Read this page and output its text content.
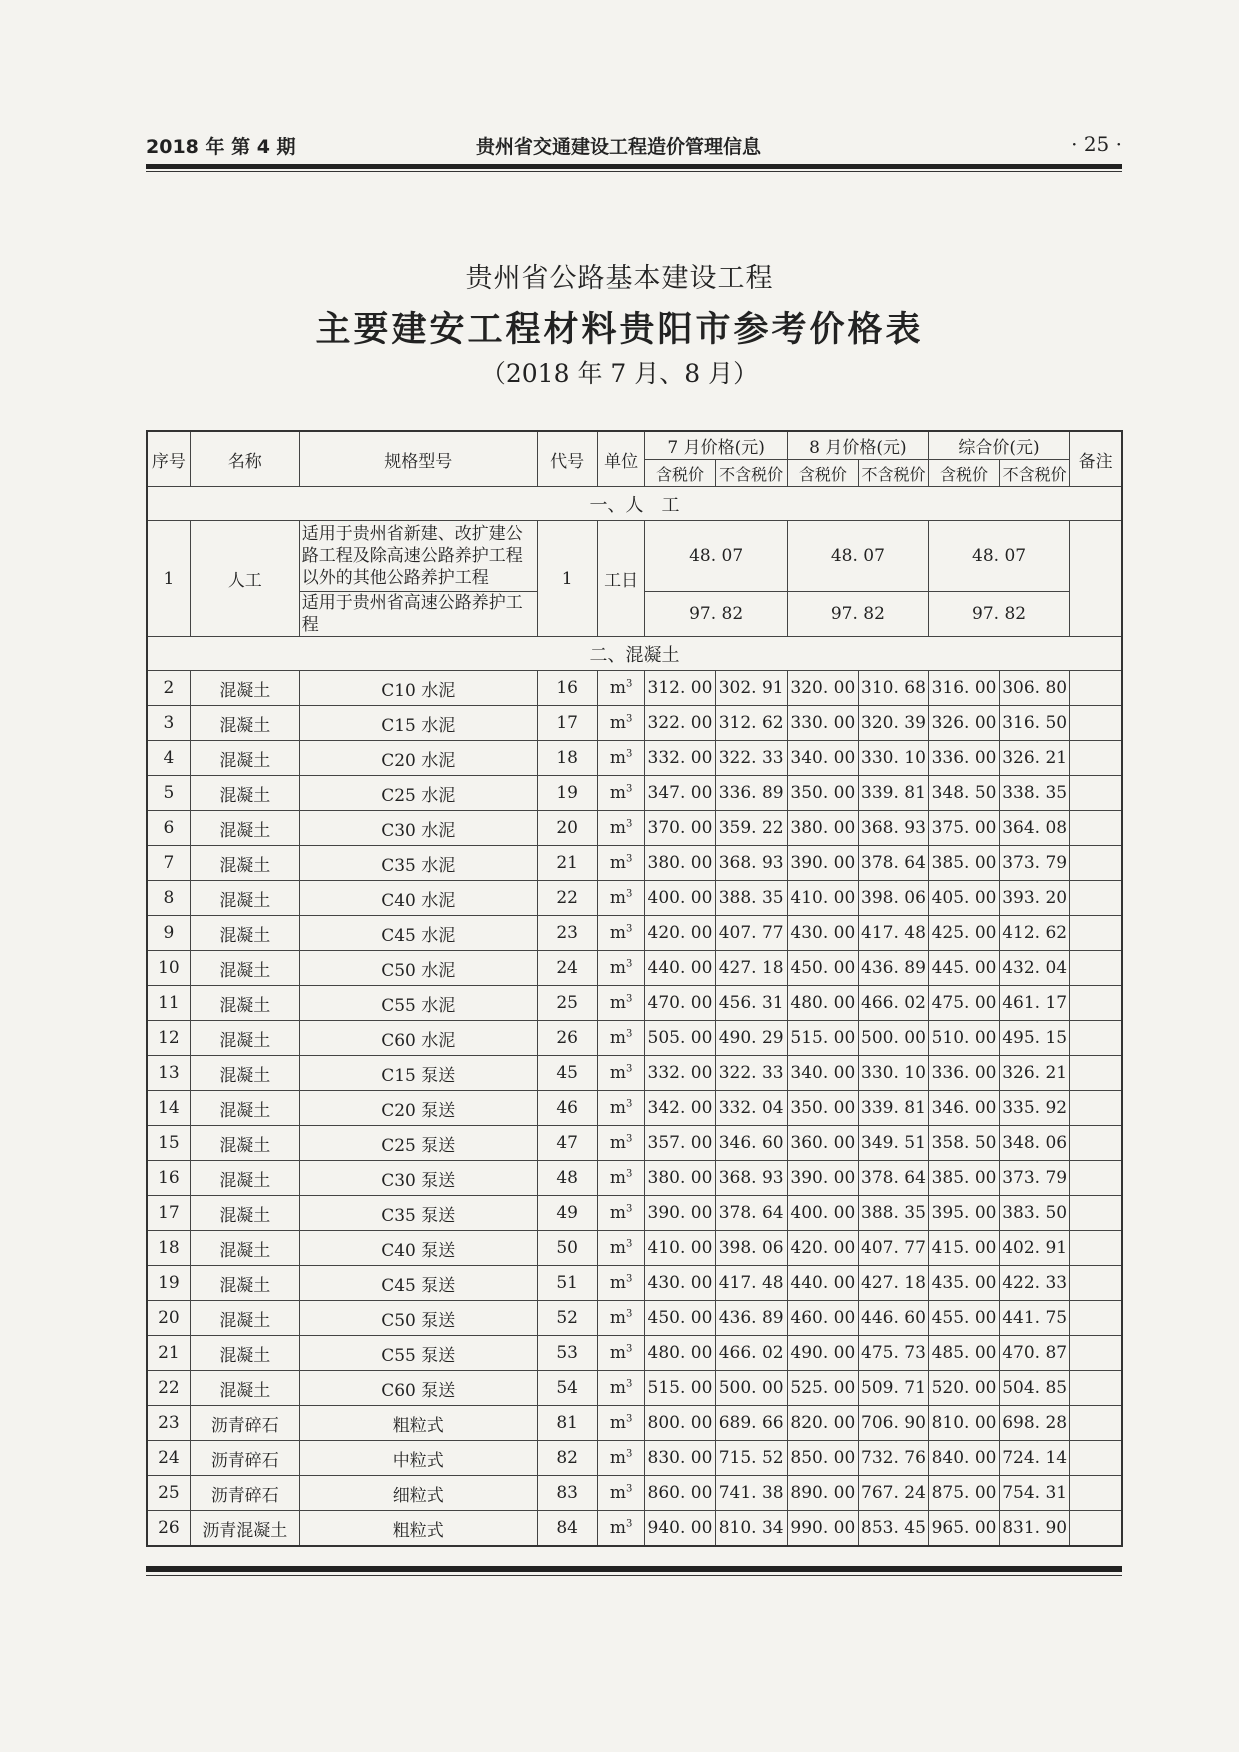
2018 年 第 4 期	贵州省交通建设工程造价管理信息	· 25 ·
贵州省公路基本建设工程
主要建安工程材料贵阳市参考价格表
（2018 年 7 月、8 月）
序号	名称	规格型号	代号	单位	7 月价格(元)		8 月价格(元)		综合价(元)		备注
					含税价	不含税价	含税价	不含税价	含税价	不含税价	
一、人　工											
1	人工	适用于贵州省新建、改扩建公路工程及除高速公路养护工程以外的其他公路养护工程	1	工日	48. 07		48. 07		48. 07		
		适用于贵州省高速公路养护工程			97. 82		97. 82		97. 82		
二、混凝土											
2	混凝土	C10 水泥	16	$m^3$	312. 00	302. 91	320. 00	310. 68	316. 00	306. 80	
3	混凝土	C15 水泥	17	$m^3$	322. 00	312. 62	330. 00	320. 39	326. 00	316. 50	
4	混凝土	C20 水泥	18	$m^3$	332. 00	322. 33	340. 00	330. 10	336. 00	326. 21	
5	混凝土	C25 水泥	19	$m^3$	347. 00	336. 89	350. 00	339. 81	348. 50	338. 35	
6	混凝土	C30 水泥	20	$m^3$	370. 00	359. 22	380. 00	368. 93	375. 00	364. 08	
7	混凝土	C35 水泥	21	$m^3$	380. 00	368. 93	390. 00	378. 64	385. 00	373. 79	
8	混凝土	C40 水泥	22	$m^3$	400. 00	388. 35	410. 00	398. 06	405. 00	393. 20	
9	混凝土	C45 水泥	23	$m^3$	420. 00	407. 77	430. 00	417. 48	425. 00	412. 62	
10	混凝土	C50 水泥	24	$m^3$	440. 00	427. 18	450. 00	436. 89	445. 00	432. 04	
11	混凝土	C55 水泥	25	$m^3$	470. 00	456. 31	480. 00	466. 02	475. 00	461. 17	
12	混凝土	C60 水泥	26	$m^3$	505. 00	490. 29	515. 00	500. 00	510. 00	495. 15	
13	混凝土	C15 泵送	45	$m^3$	332. 00	322. 33	340. 00	330. 10	336. 00	326. 21	
14	混凝土	C20 泵送	46	$m^3$	342. 00	332. 04	350. 00	339. 81	346. 00	335. 92	
15	混凝土	C25 泵送	47	$m^3$	357. 00	346. 60	360. 00	349. 51	358. 50	348. 06	
16	混凝土	C30 泵送	48	$m^3$	380. 00	368. 93	390. 00	378. 64	385. 00	373. 79	
17	混凝土	C35 泵送	49	$m^3$	390. 00	378. 64	400. 00	388. 35	395. 00	383. 50	
18	混凝土	C40 泵送	50	$m^3$	410. 00	398. 06	420. 00	407. 77	415. 00	402. 91	
19	混凝土	C45 泵送	51	$m^3$	430. 00	417. 48	440. 00	427. 18	435. 00	422. 33	
20	混凝土	C50 泵送	52	$m^3$	450. 00	436. 89	460. 00	446. 60	455. 00	441. 75	
21	混凝土	C55 泵送	53	$m^3$	480. 00	466. 02	490. 00	475. 73	485. 00	470. 87	
22	混凝土	C60 泵送	54	$m^3$	515. 00	500. 00	525. 00	509. 71	520. 00	504. 85	
23	沥青碎石	粗粒式	81	$m^3$	800. 00	689. 66	820. 00	706. 90	810. 00	698. 28	
24	沥青碎石	中粒式	82	$m^3$	830. 00	715. 52	850. 00	732. 76	840. 00	724. 14	
25	沥青碎石	细粒式	83	$m^3$	860. 00	741. 38	890. 00	767. 24	875. 00	754. 31	
26	沥青混凝土	粗粒式	84	$m^3$	940. 00	810. 34	990. 00	853. 45	965. 00	831. 90	
